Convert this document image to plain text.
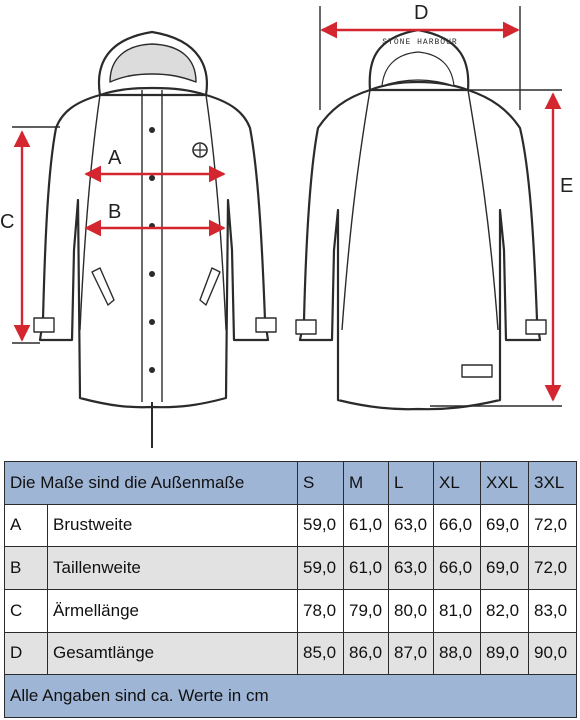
STONE HARBOUR
A
B
C
D
E
Die Maße sind die Außenmaße		S	M	L	XL	XXL	3XL
A	Brustweite	59,0	61,0	63,0	66,0	69,0	72,0
B	Taillenweite	59,0	61,0	63,0	66,0	69,0	72,0
C	Ärmellänge	78,0	79,0	80,0	81,0	82,0	83,0
D	Gesamtlänge	85,0	86,0	87,0	88,0	89,0	90,0
Alle Angaben sind ca. Werte in cm							
